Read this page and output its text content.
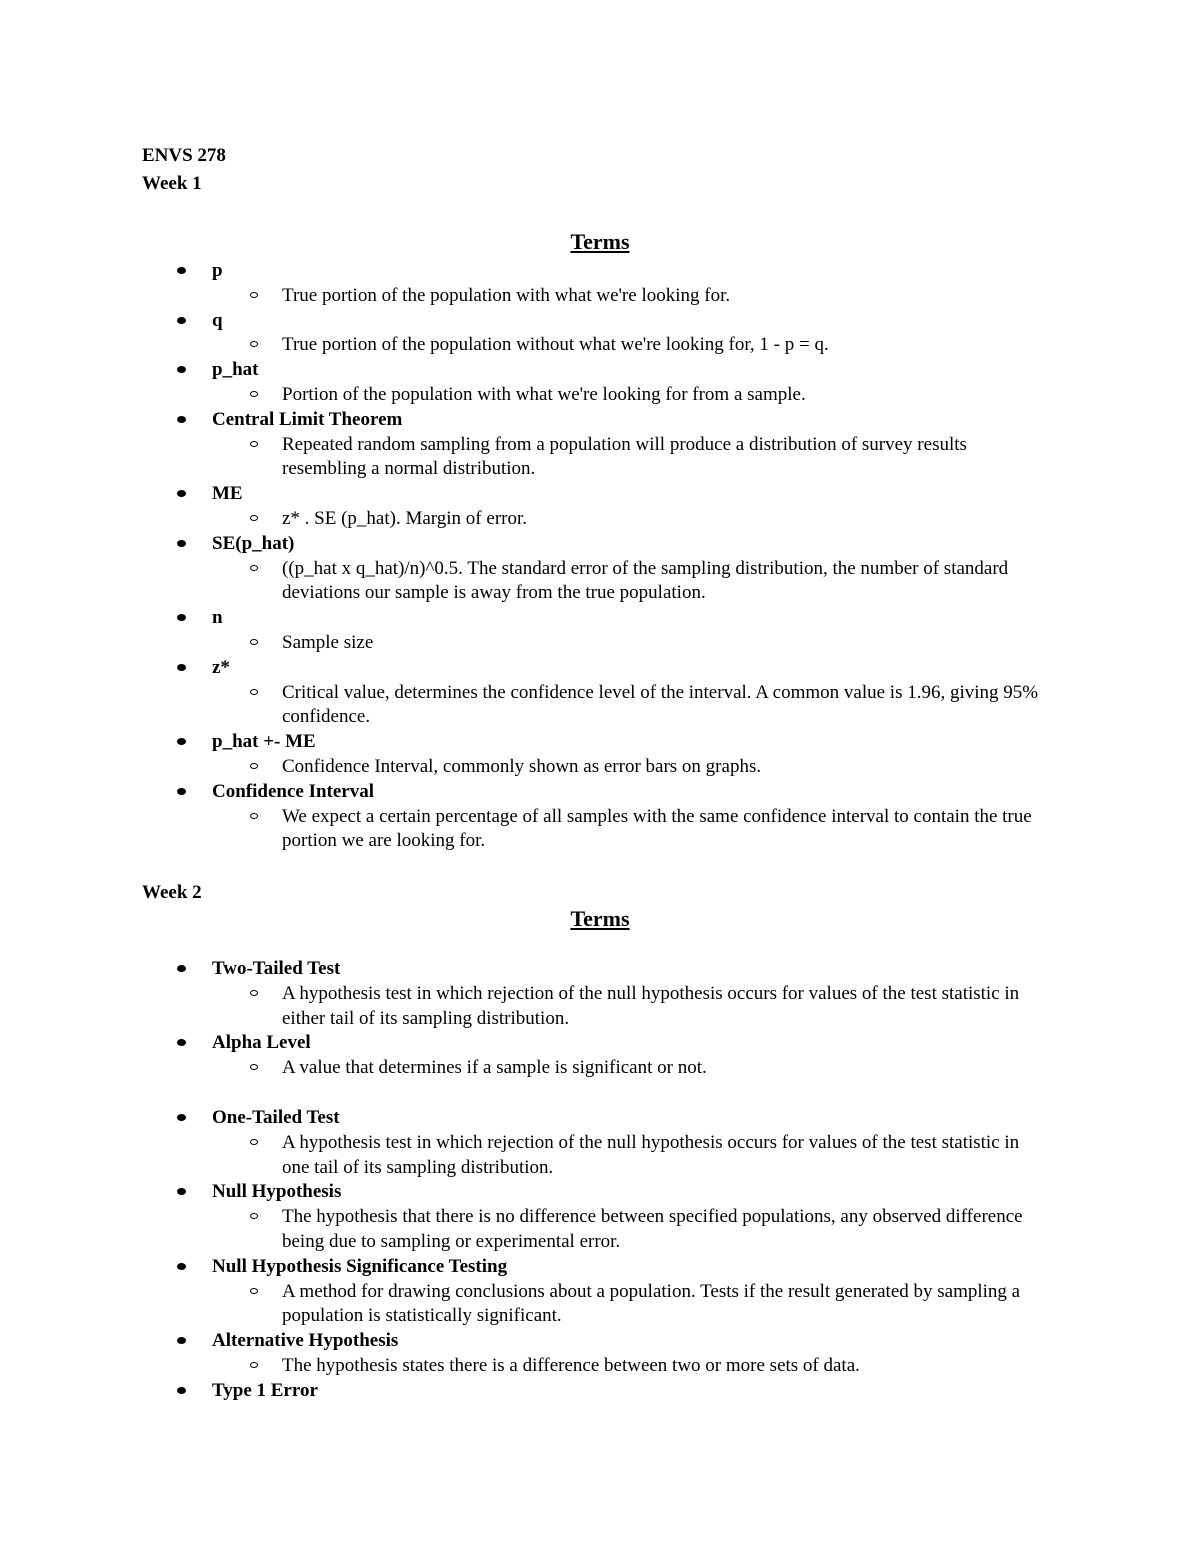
ENVS 278
Week 1
Terms
p
True portion of the population with what we're looking for.
q
True portion of the population without what we're looking for, 1 - p = q.
p_hat
Portion of the population with what we're looking for from a sample.
Central Limit Theorem
Repeated random sampling from a population will produce a distribution of survey results resembling a normal distribution.
ME
z* . SE (p_hat). Margin of error.
SE(p_hat)
((p_hat x q_hat)/n)^0.5. The standard error of the sampling distribution, the number of standard deviations our sample is away from the true population.
n
Sample size
z*
Critical value, determines the confidence level of the interval. A common value is 1.96, giving 95% confidence.
p_hat +- ME
Confidence Interval, commonly shown as error bars on graphs.
Confidence Interval
We expect a certain percentage of all samples with the same confidence interval to contain the true portion we are looking for.
Week 2
Terms
Two-Tailed Test
A hypothesis test in which rejection of the null hypothesis occurs for values of the test statistic in either tail of its sampling distribution.
Alpha Level
A value that determines if a sample is significant or not.
One-Tailed Test
A hypothesis test in which rejection of the null hypothesis occurs for values of the test statistic in one tail of its sampling distribution.
Null Hypothesis
The hypothesis that there is no difference between specified populations, any observed difference being due to sampling or experimental error.
Null Hypothesis Significance Testing
A method for drawing conclusions about a population. Tests if the result generated by sampling a population is statistically significant.
Alternative Hypothesis
The hypothesis states there is a difference between two or more sets of data.
Type 1 Error
